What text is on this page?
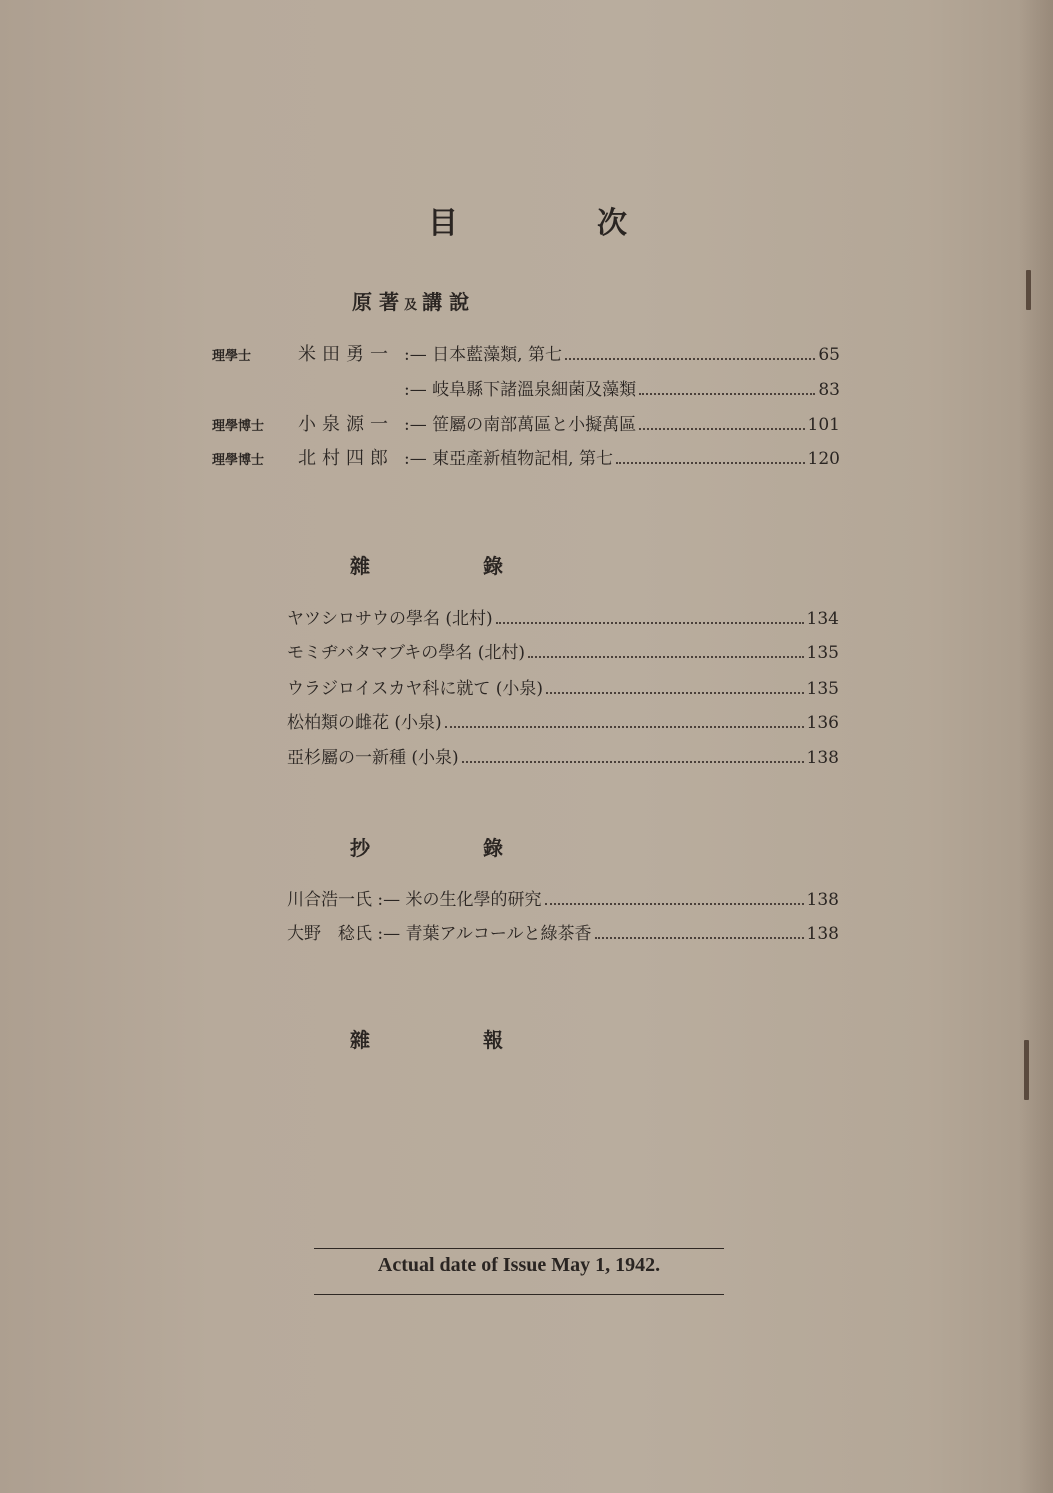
目	次
原 著 及 講 說
理學士	米田勇一 :— 日本藍藻類, 第七	65
:— 岐阜縣下諸溫泉細菌及藻類	83
理學博士	小泉源一 :— 笹屬の南部萬區と小擬萬區	101
理學博士	北村四郎 :— 東亞產新植物記相, 第七	120
雜	錄
ヤツシロサウの學名 (北村)	134
モミヂバタマブキの學名 (北村)	135
ウラジロイスカヤ科に就て (小泉)	135
松柏類の雌花 (小泉)	136
亞杉屬の一新種 (小泉)	138
抄	錄
川合浩一氏 :— 米の生化學的研究	138
大野　稔氏 :— 青葉アルコールと綠茶香	138
雜	報
Actual date of Issue May 1, 1942.
